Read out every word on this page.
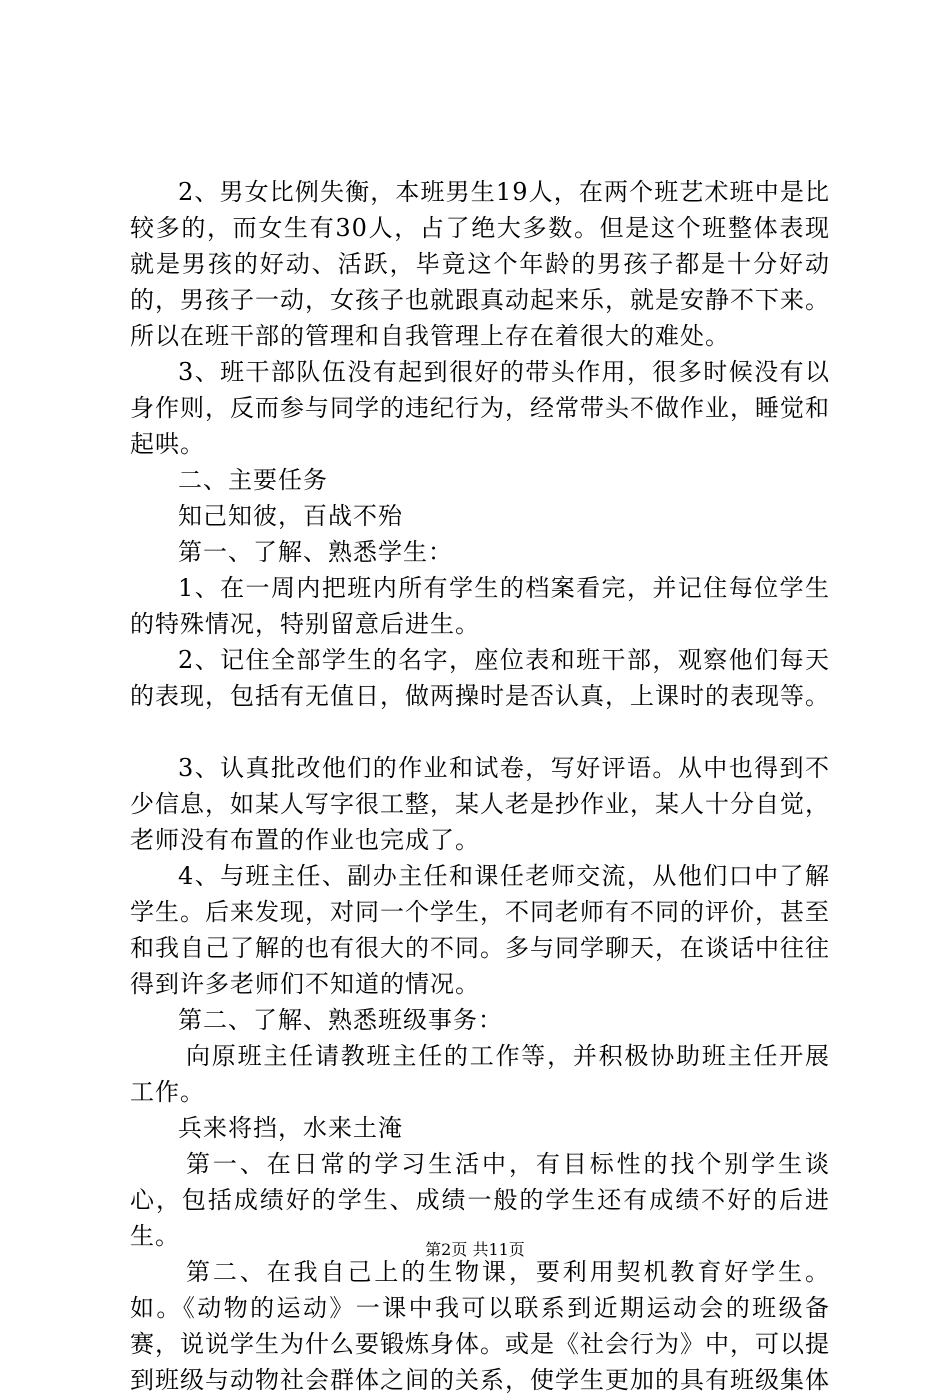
2、男女比例失衡，本班男生19人，在两个班艺术班中是比较多的，而女生有30人，占了绝大多数。但是这个班整体表现就是男孩的好动、活跃，毕竟这个年龄的男孩子都是十分好动的，男孩子一动，女孩子也就跟真动起来乐，就是安静不下来。所以在班干部的管理和自我管理上存在着很大的难处。

3、班干部队伍没有起到很好的带头作用，很多时候没有以身作则，反而参与同学的违纪行为，经常带头不做作业，睡觉和起哄。

二、主要任务

知己知彼，百战不殆

第一、了解、熟悉学生：

1、在一周内把班内所有学生的档案看完，并记住每位学生的特殊情况，特别留意后进生。

2、记住全部学生的名字，座位表和班干部，观察他们每天的表现，包括有无值日，做两操时是否认真，上课时的表现等。

3、认真批改他们的作业和试卷，写好评语。从中也得到不少信息，如某人写字很工整，某人老是抄作业，某人十分自觉，老师没有布置的作业也完成了。

4、与班主任、副办主任和课任老师交流，从他们口中了解学生。后来发现，对同一个学生，不同老师有不同的评价，甚至和我自己了解的也有很大的不同。多与同学聊天，在谈话中往往得到许多老师们不知道的情况。

第二、了解、熟悉班级事务：

向原班主任请教班主任的工作等，并积极协助班主任开展工作。

兵来将挡，水来土淹

第一、在日常的学习生活中，有目标性的找个别学生谈心，包括成绩好的学生、成绩一般的学生还有成绩不好的后进生。

第二、在我自己上的生物课，要利用契机教育好学生。如。《动物的运动》一课中我可以联系到近期运动会的班级备赛，说说学生为什么要锻炼身体。或是《社会行为》中，可以提到班级与动物社会群体之间的关系，使学生更加的具有班级集体

第2页 共11页
